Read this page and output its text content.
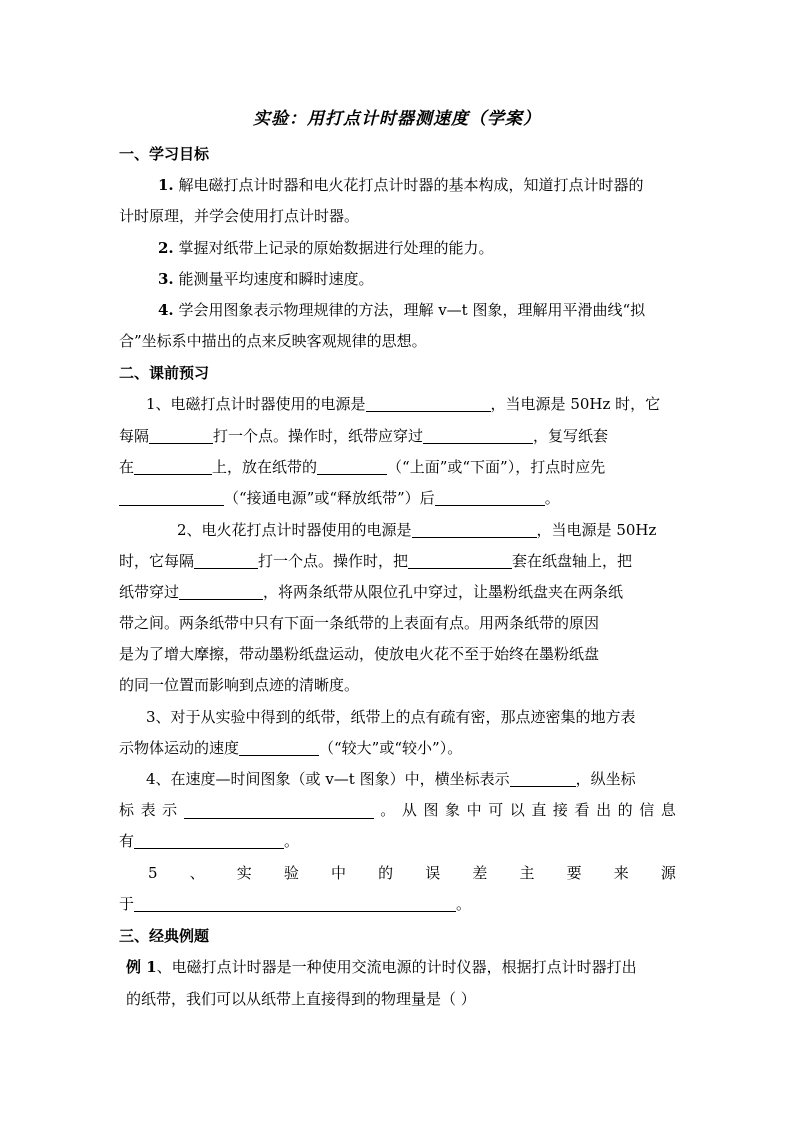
实验：用打点计时器测速度（学案）
一、学习目标
1. 解电磁打点计时器和电火花打点计时器的基本构成，知道打点计时器的
计时原理，并学会使用打点计时器。
2. 掌握对纸带上记录的原始数据进行处理的能力。
3. 能测量平均速度和瞬时速度。
4. 学会用图象表示物理规律的方法，理解 v—t 图象，理解用平滑曲线“拟
合”坐标系中描出的点来反映客观规律的思想。
二、课前预习
1、电磁打点计时器使用的电源是	，当电源是 50Hz 时，它
每隔	打一个点。操作时，纸带应穿过	，复写纸套
在	上，放在纸带的	（“上面”或“下面”），打点时应先
（“接通电源”或“释放纸带”）后	。
2、电火花打点计时器使用的电源是	，当电源是 50Hz
时，它每隔	打一个点。操作时，把	套在纸盘轴上，把
纸带穿过	，将两条纸带从限位孔中穿过，让墨粉纸盘夹在两条纸
带之间。两条纸带中只有下面一条纸带的上表面有点。用两条纸带的原因
是为了增大摩擦，带动墨粉纸盘运动，使放电火花不至于始终在墨粉纸盘
的同一位置而影响到点迹的清晰度。
3、对于从实验中得到的纸带，纸带上的点有疏有密，那点迹密集的地方表
示物体运动的速度	（“较大”或“较小”）。
4、在速度—时间图象（或 v—t 图象）中，横坐标表示	，纵坐标
标 表 示	。 从 图 象 中 可 以 直 接 看 出 的 信 息
有	。
5 、 实 验 中 的 误 差 主 要 来 源
于	。
三、经典例题
例 1、电磁打点计时器是一种使用交流电源的计时仪器，根据打点计时器打出
的纸带，我们可以从纸带上直接得到的物理量是（ ）
